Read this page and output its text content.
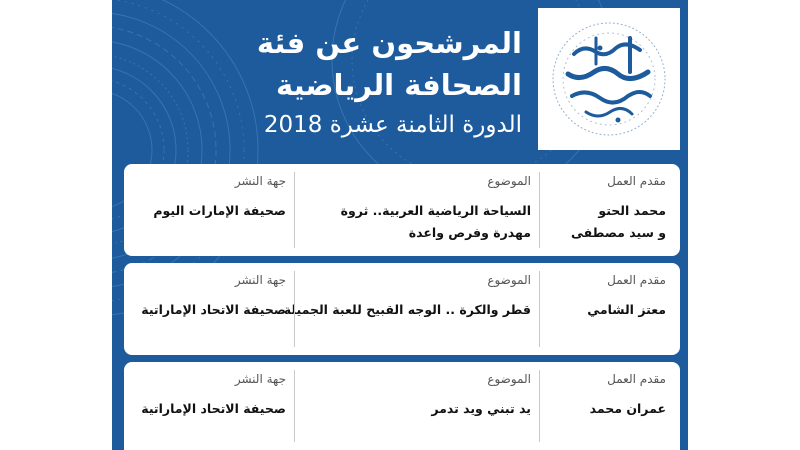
المرشحون عن فئة
الصحافة الرياضية
الدورة الثامنة عشرة 2018
مقدم العمل
محمد الحتو
و سيد مصطفى
الموضوع
السياحة الرياضية العربية.. ثروة
مهدرة وفرص واعدة
جهة النشر
صحيفة الإمارات اليوم
مقدم العمل
معتز الشامي
الموضوع
قطر والكرة .. الوجه القبيح للعبة الجميلة
جهة النشر
صحيفة الاتحاد الإماراتية
مقدم العمل
عمران محمد
الموضوع
يد تبني ويد تدمر
جهة النشر
صحيفة الاتحاد الإماراتية
